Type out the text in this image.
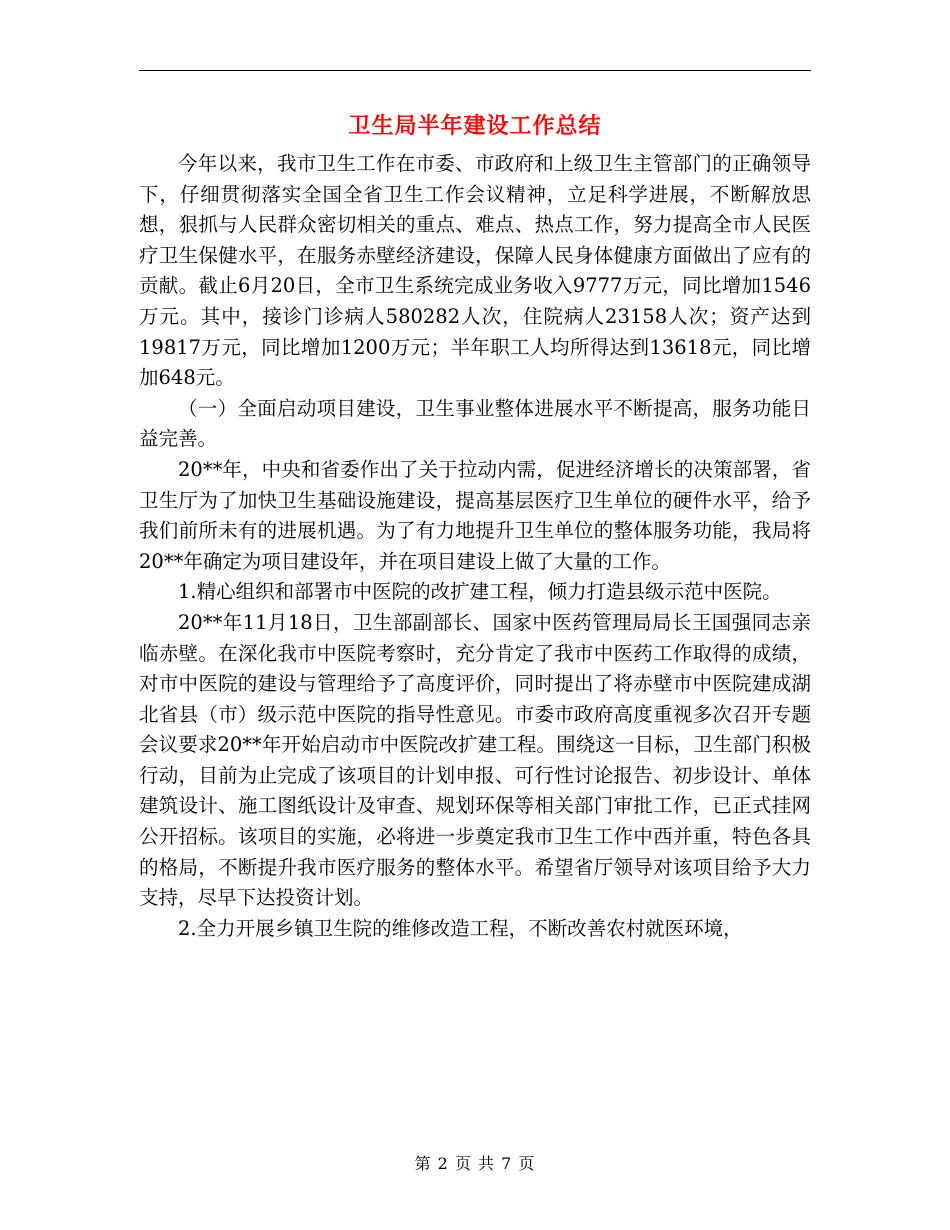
卫生局半年建设工作总结

今年以来，我市卫生工作在市委、市政府和上级卫生主管部门的正确领导下，仔细贯彻落实全国全省卫生工作会议精神，立足科学进展，不断解放思想，狠抓与人民群众密切相关的重点、难点、热点工作，努力提高全市人民医疗卫生保健水平，在服务赤壁经济建设，保障人民身体健康方面做出了应有的贡献。截止6月20日，全市卫生系统完成业务收入9777万元，同比增加1546万元。其中，接诊门诊病人580282人次，住院病人23158人次；资产达到19817万元，同比增加1200万元；半年职工人均所得达到13618元，同比增加648元。

（一）全面启动项目建设，卫生事业整体进展水平不断提高，服务功能日益完善。

20**年，中央和省委作出了关于拉动内需，促进经济增长的决策部署，省卫生厅为了加快卫生基础设施建设，提高基层医疗卫生单位的硬件水平，给予我们前所未有的进展机遇。为了有力地提升卫生单位的整体服务功能，我局将20**年确定为项目建设年，并在项目建设上做了大量的工作。

1.精心组织和部署市中医院的改扩建工程，倾力打造县级示范中医院。

20**年11月18日，卫生部副部长、国家中医药管理局局长王国强同志亲临赤壁。在深化我市中医院考察时，充分肯定了我市中医药工作取得的成绩，对市中医院的建设与管理给予了高度评价，同时提出了将赤壁市中医院建成湖北省县（市）级示范中医院的指导性意见。市委市政府高度重视多次召开专题会议要求20**年开始启动市中医院改扩建工程。围绕这一目标，卫生部门积极行动，目前为止完成了该项目的计划申报、可行性讨论报告、初步设计、单体建筑设计、施工图纸设计及审查、规划环保等相关部门审批工作，已正式挂网公开招标。该项目的实施，必将进一步奠定我市卫生工作中西并重，特色各具的格局，不断提升我市医疗服务的整体水平。希望省厅领导对该项目给予大力支持，尽早下达投资计划。

2.全力开展乡镇卫生院的维修改造工程，不断改善农村就医环境，

第 2 页 共 7 页
